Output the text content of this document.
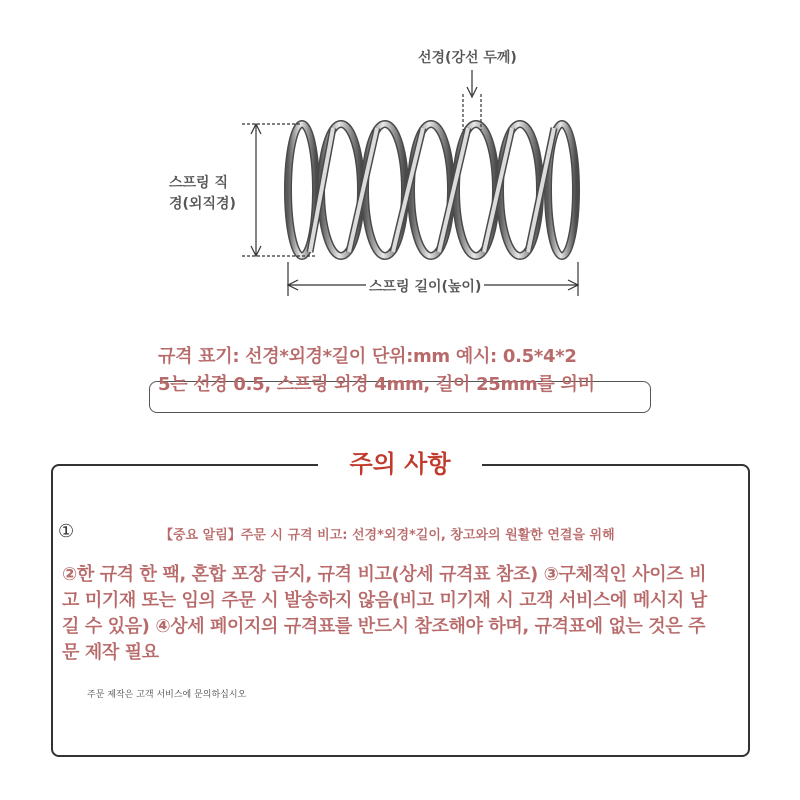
선경(강선 두께)
스프링 직
경(외직경)
스프링 길이(높이)
규격 표기: 선경*외경*길이 단위:mm 예시: 0.5*4*2
5는 선경 0.5, 스프링 외경 4mm, 길이 25mm를 의미
주의 사항
①	【중요 알림】주문 시 규격 비고: 선경*외경*길이, 창고와의 원활한 연결을 위해
②한 규격 한 팩, 혼합 포장 금지, 규격 비고(상세 규격표 참조) ③구체적인 사이즈 비고 미기재 또는 임의 주문 시 발송하지 않음(비고 미기재 시 고객 서비스에 메시지 남길 수 있음) ④상세 페이지의 규격표를 반드시 참조해야 하며, 규격표에 없는 것은 주문 제작 필요
주문 제작은 고객 서비스에 문의하십시오
